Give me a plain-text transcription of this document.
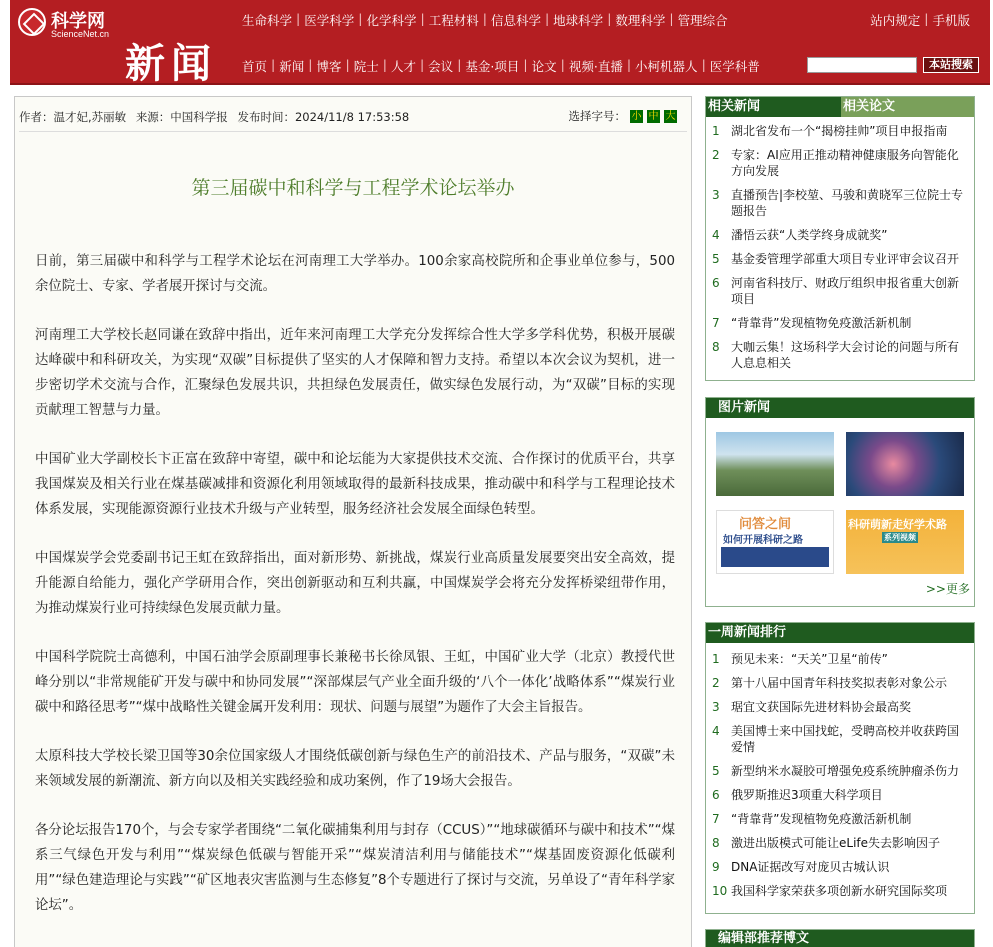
科学网
ScienceNet.cn
新闻
生命科学 | 医学科学 | 化学科学 | 工程材料 | 信息科学 | 地球科学 | 数理科学 | 管理综合	站内规定 | 手机版
首页 | 新闻 | 博客 | 院士 | 人才 | 会议 | 基金·项目 | 论文 | 视频·直播 | 小柯机器人 | 医学科普	本站搜索
作者：温才妃,苏丽敏 来源：中国科学报 发布时间：2024/11/8 17:53:58	选择字号： 小 中 大
第三届碳中和科学与工程学术论坛举办

日前，第三届碳中和科学与工程学术论坛在河南理工大学举办。100余家高校院所和企事业单位参与，500余位院士、专家、学者展开探讨与交流。

河南理工大学校长赵同谦在致辞中指出，近年来河南理工大学充分发挥综合性大学多学科优势，积极开展碳达峰碳中和科研攻关，为实现“双碳”目标提供了坚实的人才保障和智力支持。希望以本次会议为契机，进一步密切学术交流与合作，汇聚绿色发展共识，共担绿色发展责任，做实绿色发展行动，为“双碳”目标的实现贡献理工智慧与力量。

中国矿业大学副校长卞正富在致辞中寄望，碳中和论坛能为大家提供技术交流、合作探讨的优质平台，共享我国煤炭及相关行业在煤基碳减排和资源化利用领域取得的最新科技成果，推动碳中和科学与工程理论技术体系发展，实现能源资源行业技术升级与产业转型，服务经济社会发展全面绿色转型。

中国煤炭学会党委副书记王虹在致辞指出，面对新形势、新挑战，煤炭行业高质量发展要突出安全高效，提升能源自给能力，强化产学研用合作，突出创新驱动和互利共赢，中国煤炭学会将充分发挥桥梁纽带作用，为推动煤炭行业可持续绿色发展贡献力量。

中国科学院院士高德利，中国石油学会原副理事长兼秘书长徐凤银、王虹，中国矿业大学（北京）教授代世峰分别以“非常规能矿开发与碳中和协同发展”“深部煤层气产业全面升级的‘八个一体化’战略体系”“煤炭行业碳中和路径思考”“煤中战略性关键金属开发利用：现状、问题与展望”为题作了大会主旨报告。

太原科技大学校长梁卫国等30余位国家级人才围绕低碳创新与绿色生产的前沿技术、产品与服务，“双碳”未来领域发展的新潮流、新方向以及相关实践经验和成功案例，作了19场大会报告。

各分论坛报告170个，与会专家学者围绕“二氧化碳捕集利用与封存（CCUS）”“地球碳循环与碳中和技术”“煤系三气绿色开发与利用”“煤炭绿色低碳与智能开采”“煤炭清洁利用与储能技术”“煤基固废资源化低碳利用”“绿色建造理论与实践”“矿区地表灾害监测与生态修复”8个专题进行了探讨与交流，另单设了“青年科学家论坛”。

相关新闻	相关论文
1 湖北省发布一个“揭榜挂帅”项目申报指南
2 专家：AI应用正推动精神健康服务向智能化方向发展
3 直播预告|李校堃、马骏和黄晓军三位院士专题报告
4 潘悟云获“人类学终身成就奖”
5 基金委管理学部重大项目专业评审会议召开
6 河南省科技厅、财政厅组织申报省重大创新项目
7 “背靠背”发现植物免疫激活新机制
8 大咖云集！这场科学大会讨论的问题与所有人息息相关
图片新闻
问答之间
如何开展科研之路
科研萌新走好学术路
系列视频
>>更多
一周新闻排行
1 预见未来：“天关”卫星“前传”
2 第十八届中国青年科技奖拟表彰对象公示
3 琚宜文获国际先进材料协会最高奖
4 美国博士来中国找蛇，受聘高校并收获跨国爱情
5 新型纳米水凝胶可增强免疫系统肿瘤杀伤力
6 俄罗斯推迟3项重大科学项目
7 “背靠背”发现植物免疫激活新机制
8 激进出版模式可能让eLife失去影响因子
9 DNA证据改写对庞贝古城认识
10 我国科学家荣获多项创新水研究国际奖项
编辑部推荐博文
